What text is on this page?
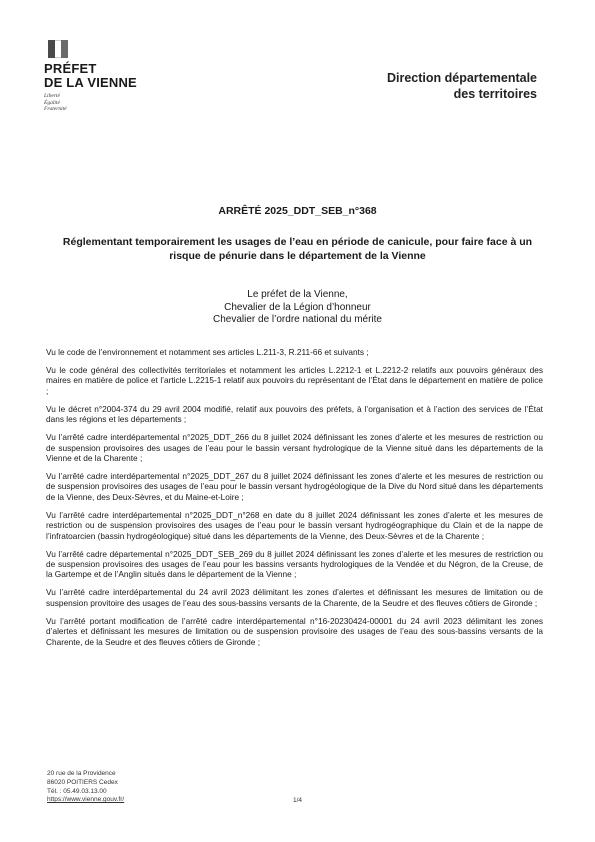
PRÉFET
DE LA VIENNE
Liberté
Égalité
Fraternité
Direction départementale
des territoires
ARRÊTÉ 2025_DDT_SEB_n°368
Réglementant temporairement les usages de l’eau en période de canicule, pour faire face à un risque de pénurie dans le département de la Vienne
Le préfet de la Vienne,
Chevalier de la Légion d’honneur
Chevalier de l’ordre national du mérite

Vu le code de l’environnement et notamment ses articles L.211-3, R.211-66 et suivants ;

Vu le code général des collectivités territoriales et notamment les articles L.2212-1 et L.2212-2 relatifs aux pouvoirs généraux des maires en matière de police et l’article L.2215-1 relatif aux pouvoirs du représentant de l’État dans le département en matière de police ;

Vu le décret n°2004-374 du 29 avril 2004 modifié, relatif aux pouvoirs des préfets, à l’organisation et à l’action des services de l’État dans les régions et les départements ;

Vu l’arrêté cadre interdépartemental n°2025_DDT_266 du 8 juillet 2024 définissant les zones d’alerte et les mesures de restriction ou de suspension provisoires des usages de l’eau pour le bassin versant hydrologique de la Vienne situé dans les départements de la Vienne et de la Charente ;

Vu l’arrêté cadre interdépartemental n°2025_DDT_267 du 8 juillet 2024 définissant les zones d’alerte et les mesures de restriction ou de suspension provisoires des usages de l’eau pour le bassin versant hydrogéologique de la Dive du Nord situé dans les départements de la Vienne, des Deux-Sèvres, et du Maine-et-Loire ;

Vu l’arrêté cadre interdépartemental n°2025_DDT_n°268 en date du 8 juillet 2024 définissant les zones d’alerte et les mesures de restriction ou de suspension provisoires des usages de l’eau pour le bassin versant hydrogéographique du Clain et de la nappe de l’infratoarcien (bassin hydrogéologique) situé dans les départements de la Vienne, des Deux-Sèvres et de la Charente ;

Vu l’arrêté cadre départemental n°2025_DDT_SEB_269 du 8 juillet 2024 définissant les zones d’alerte et les mesures de restriction ou de suspension provisoires des usages de l’eau pour les bassins versants hydrologiques de la Vendée et du Négron, de la Creuse, de la Gartempe et de l’Anglin situés dans le département de la Vienne ;

Vu l’arrêté cadre interdépartemental du 24 avril 2023 délimitant les zones d’alertes et définissant les mesures de limitation ou de suspension provitoire des usages de l’eau des sous-bassins versants de la Charente, de la Seudre et des fleuves côtiers de Gironde ;

Vu l’arrêté portant modification de l’arrêté cadre interdépartemental n°16-20230424-00001 du 24 avril 2023 délimitant les zones d’alertes et définissant les mesures de limitation ou de suspension provisoire des usages de l’eau des sous-bassins versants de la Charente, de la Seudre et des fleuves côtiers de Gironde ;

20 rue de la Providence
86020 POITIERS Cedex
Tél. : 05.49.03.13.00
https://www.vienne.gouv.fr/	1/4
